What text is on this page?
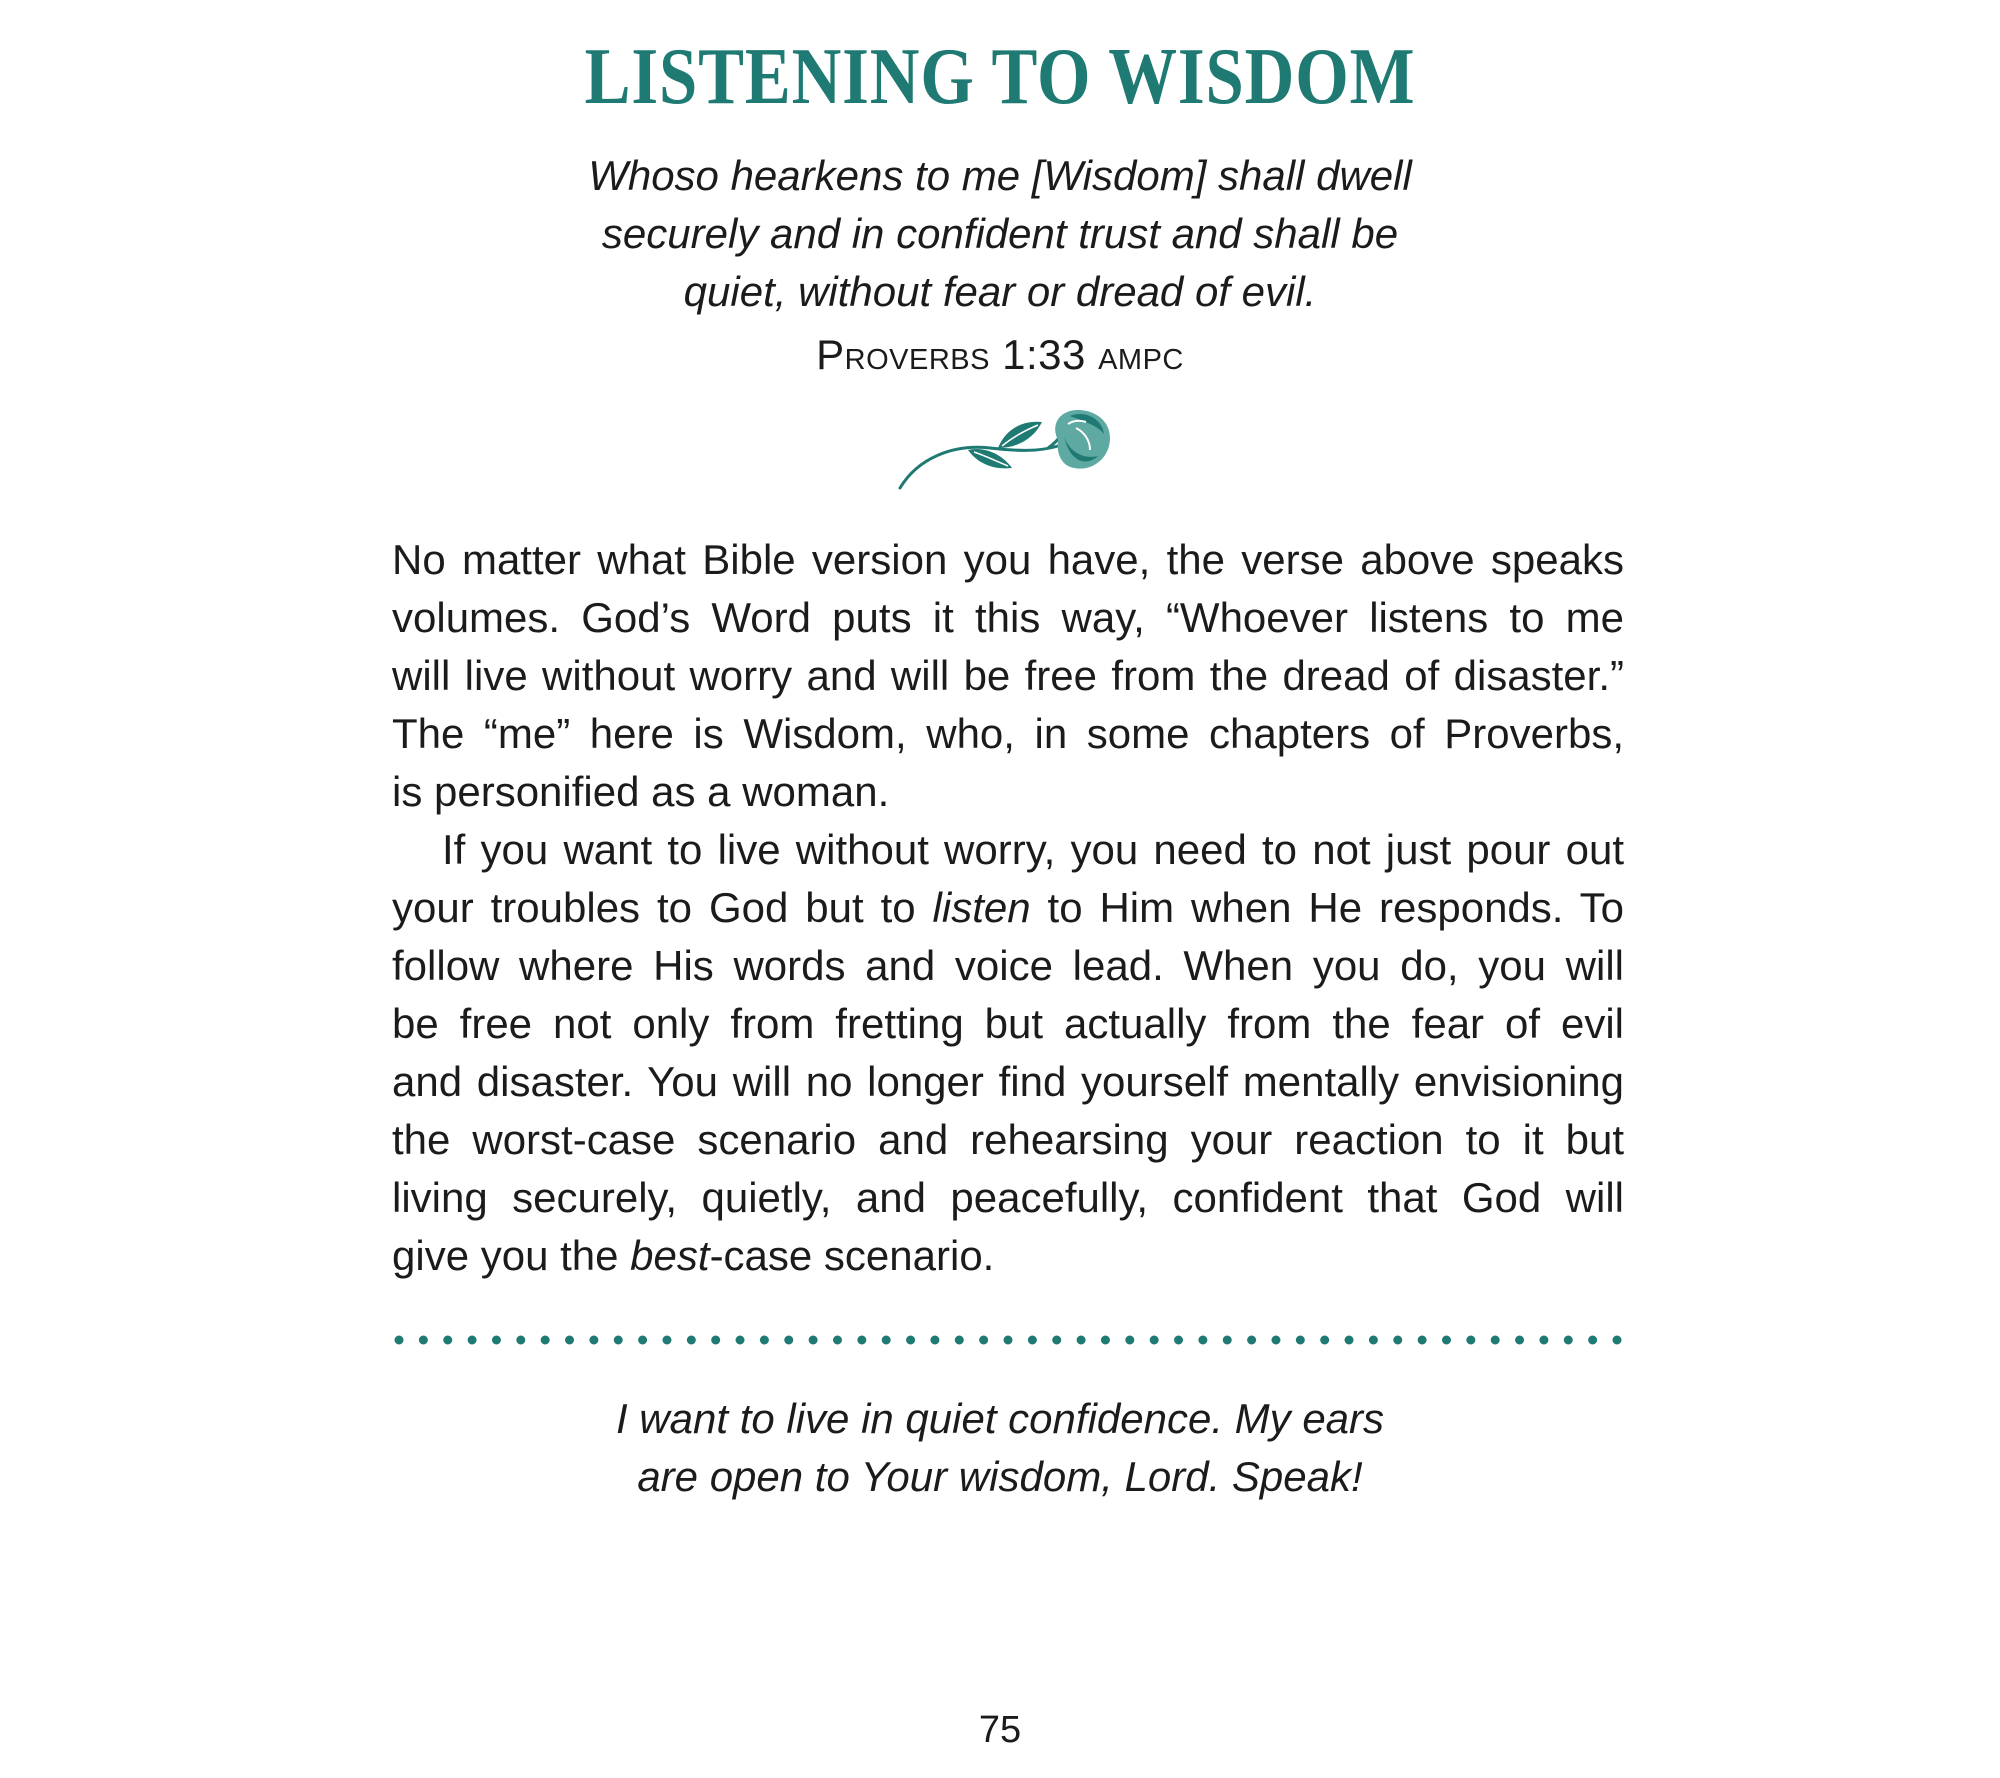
LISTENING TO WISDOM
Whoso hearkens to me [Wisdom] shall dwell
securely and in confident trust and shall be
quiet, without fear or dread of evil.
Proverbs 1:33 ampc

No matter what Bible version you have, the verse above speaks
volumes. God’s Word puts it this way, “Whoever listens to me
will live without worry and will be free from the dread of disaster.”
The “me” here is Wisdom, who, in some chapters of Proverbs,
is personified as a woman.

If you want to live without worry, you need to not just pour out
your troubles to God but to listen to Him when He responds. To
follow where His words and voice lead. When you do, you will
be free not only from fretting but actually from the fear of evil
and disaster. You will no longer find yourself mentally envisioning
the worst-case scenario and rehearsing your reaction to it but
living securely, quietly, and peacefully, confident that God will
give you the best-case scenario.

I want to live in quiet confidence. My ears
are open to Your wisdom, Lord. Speak!
75
